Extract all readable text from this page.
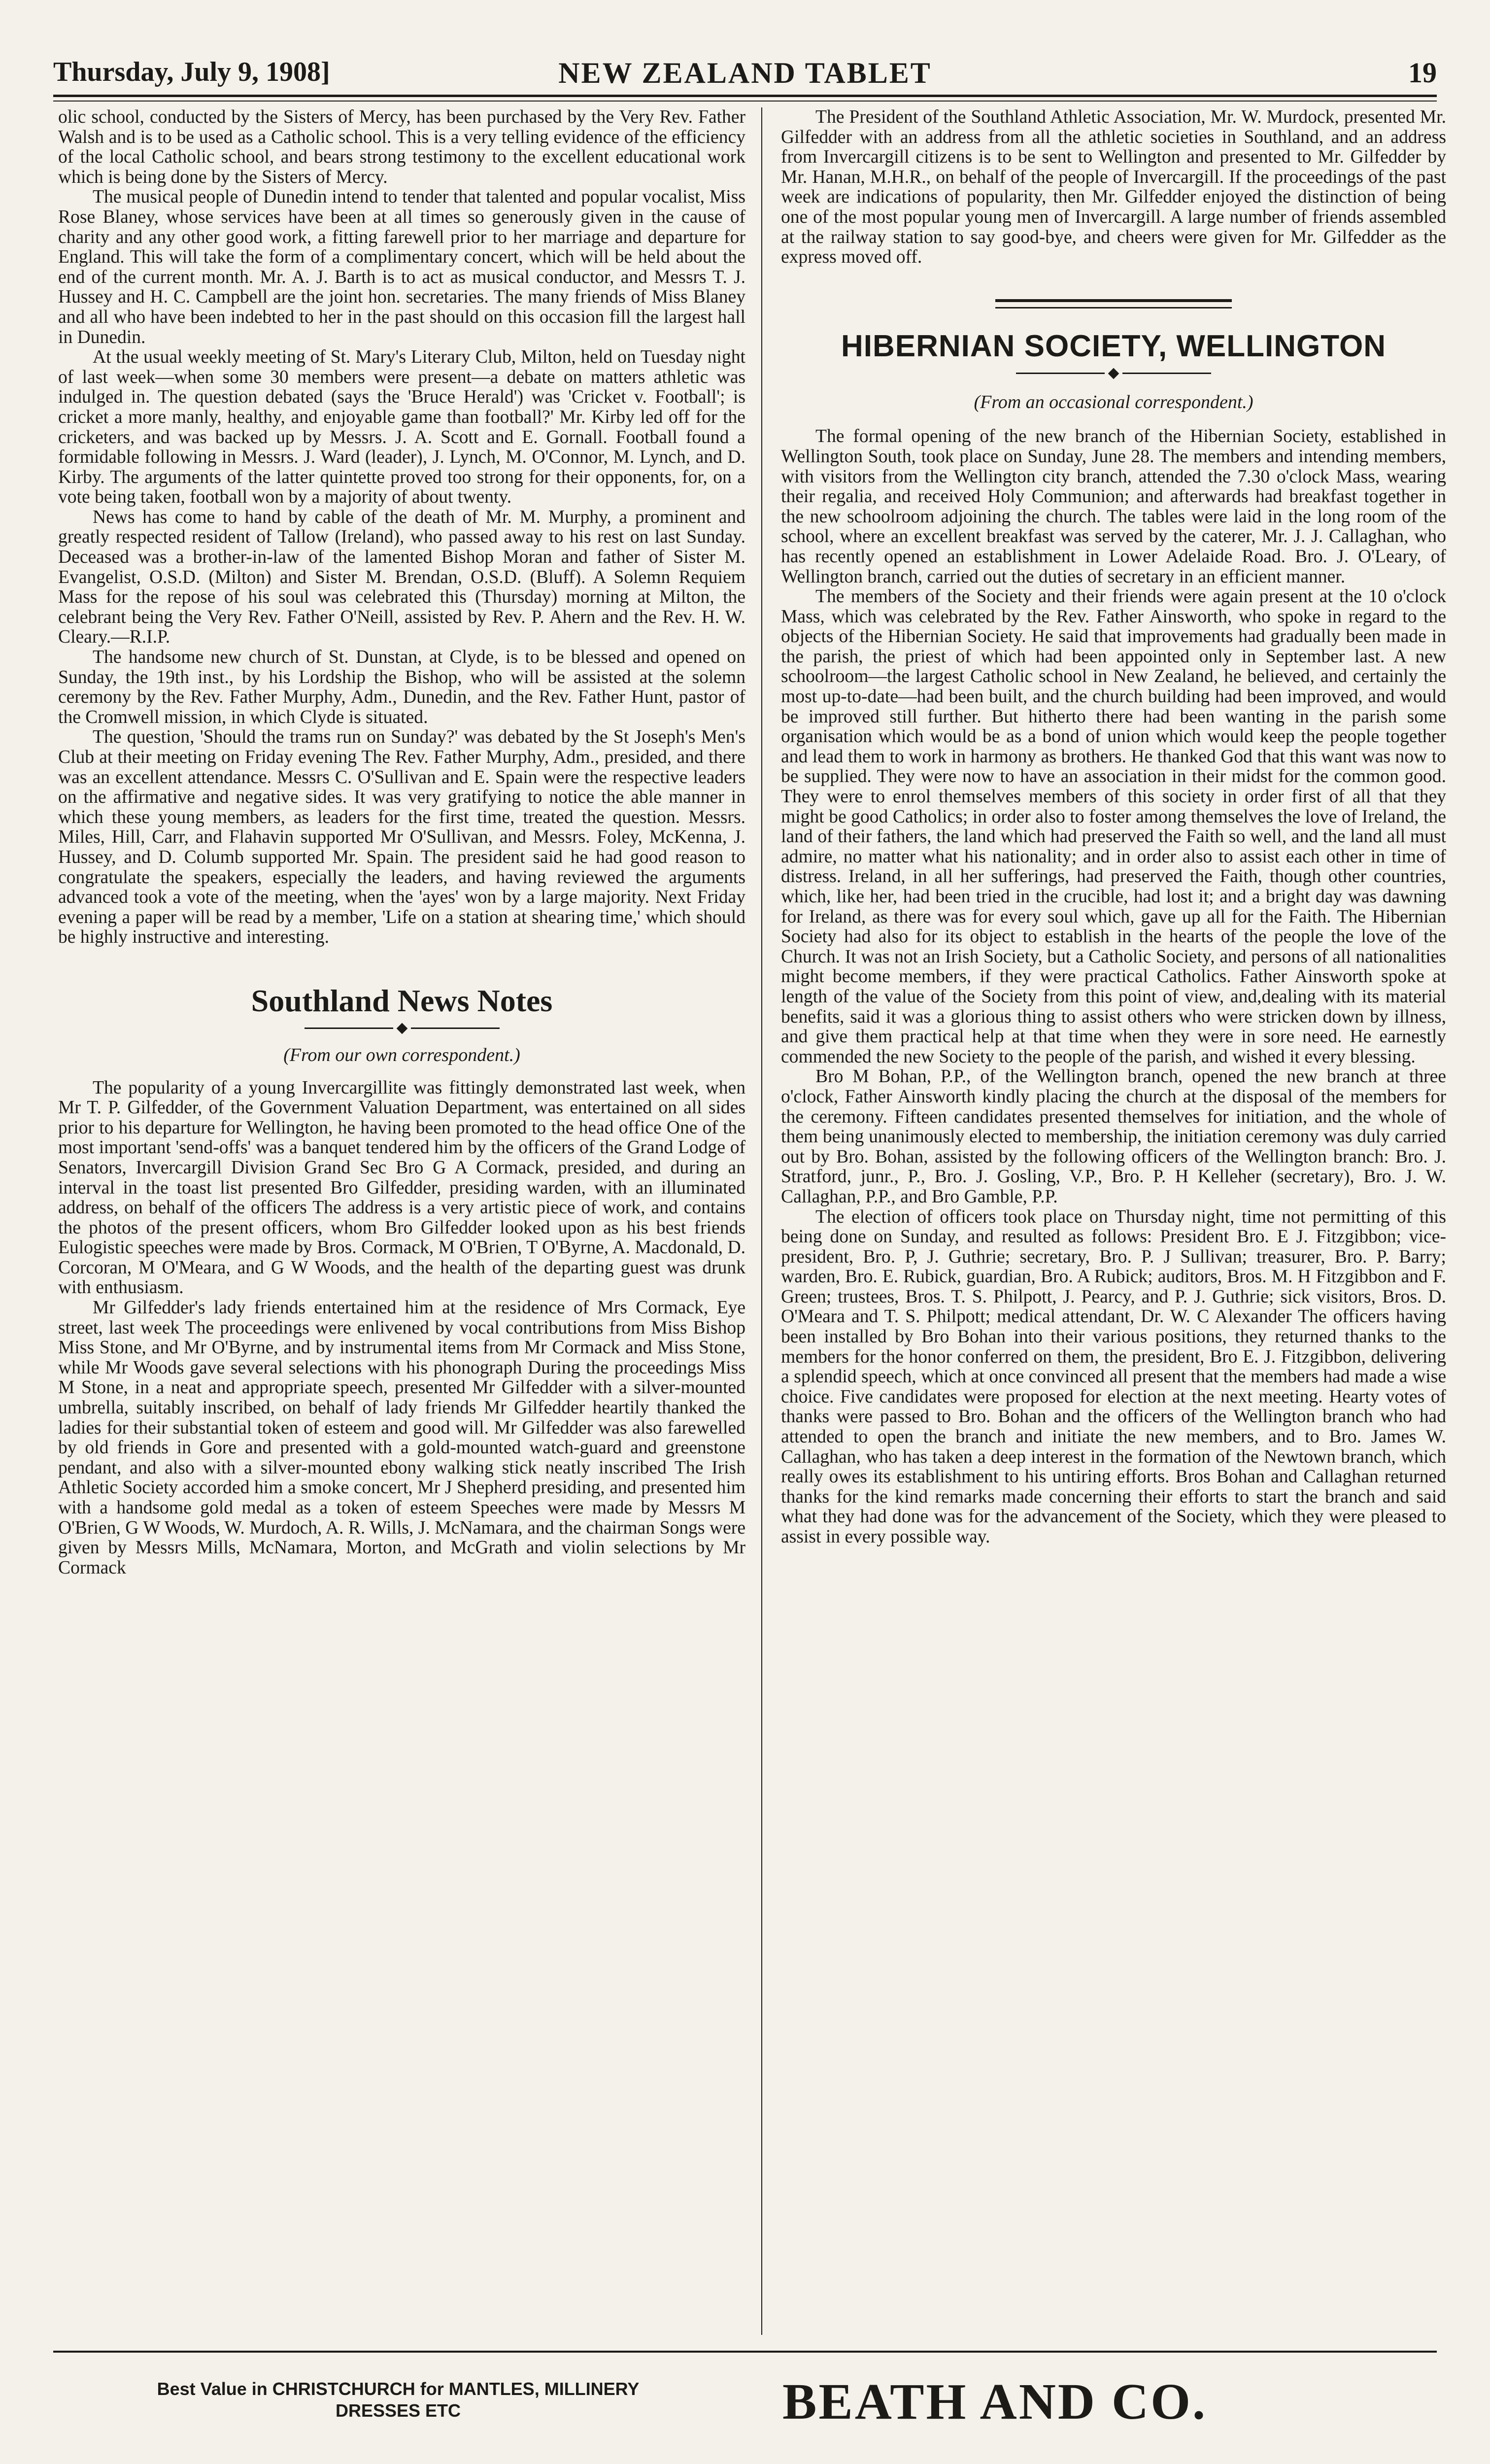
Thursday, July 9, 1908]	NEW ZEALAND TABLET	19

olic school, conducted by the Sisters of Mercy, has been purchased by the Very Rev. Father Walsh and is to be used as a Catholic school. This is a very telling evidence of the efficiency of the local Catholic school, and bears strong testimony to the excellent educational work which is being done by the Sisters of Mercy.

The musical people of Dunedin intend to tender that talented and popular vocalist, Miss Rose Blaney, whose services have been at all times so generously given in the cause of charity and any other good work, a fitting farewell prior to her marriage and departure for England. This will take the form of a complimentary concert, which will be held about the end of the current month. Mr. A. J. Barth is to act as musical conductor, and Messrs T. J. Hussey and H. C. Campbell are the joint hon. secretaries. The many friends of Miss Blaney and all who have been indebted to her in the past should on this occasion fill the largest hall in Dunedin.

At the usual weekly meeting of St. Mary's Literary Club, Milton, held on Tuesday night of last week—when some 30 members were present—a debate on matters athletic was indulged in. The question debated (says the 'Bruce Herald') was 'Cricket v. Football'; is cricket a more manly, healthy, and enjoyable game than football?' Mr. Kirby led off for the cricketers, and was backed up by Messrs. J. A. Scott and E. Gornall. Football found a formidable following in Messrs. J. Ward (leader), J. Lynch, M. O'Connor, M. Lynch, and D. Kirby. The arguments of the latter quintette proved too strong for their opponents, for, on a vote being taken, football won by a majority of about twenty.

News has come to hand by cable of the death of Mr. M. Murphy, a prominent and greatly respected resident of Tallow (Ireland), who passed away to his rest on last Sunday. Deceased was a brother-in-law of the lamented Bishop Moran and father of Sister M. Evangelist, O.S.D. (Milton) and Sister M. Brendan, O.S.D. (Bluff). A Solemn Requiem Mass for the repose of his soul was celebrated this (Thursday) morning at Milton, the celebrant being the Very Rev. Father O'Neill, assisted by Rev. P. Ahern and the Rev. H. W. Cleary.—R.I.P.

The handsome new church of St. Dunstan, at Clyde, is to be blessed and opened on Sunday, the 19th inst., by his Lordship the Bishop, who will be assisted at the solemn ceremony by the Rev. Father Murphy, Adm., Dunedin, and the Rev. Father Hunt, pastor of the Cromwell mission, in which Clyde is situated.

The question, 'Should the trams run on Sunday?' was debated by the St Joseph's Men's Club at their meeting on Friday evening The Rev. Father Murphy, Adm., presided, and there was an excellent attendance. Messrs C. O'Sullivan and E. Spain were the respective leaders on the affirmative and negative sides. It was very gratifying to notice the able manner in which these young members, as leaders for the first time, treated the question. Messrs. Miles, Hill, Carr, and Flahavin supported Mr O'Sullivan, and Messrs. Foley, McKenna, J. Hussey, and D. Columb supported Mr. Spain. The president said he had good reason to congratulate the speakers, especially the leaders, and having reviewed the arguments advanced took a vote of the meeting, when the 'ayes' won by a large majority. Next Friday evening a paper will be read by a member, 'Life on a station at shearing time,' which should be highly instructive and interesting.

Southland News Notes

(From our own correspondent.)

The popularity of a young Invercargillite was fittingly demonstrated last week, when Mr T. P. Gilfedder, of the Government Valuation Department, was entertained on all sides prior to his departure for Wellington, he having been promoted to the head office One of the most important 'send-offs' was a banquet tendered him by the officers of the Grand Lodge of Senators, Invercargill Division Grand Sec Bro G A Cormack, presided, and during an interval in the toast list presented Bro Gilfedder, presiding warden, with an illuminated address, on behalf of the officers The address is a very artistic piece of work, and contains the photos of the present officers, whom Bro Gilfedder looked upon as his best friends Eulogistic speeches were made by Bros. Cormack, M O'Brien, T O'Byrne, A. Macdonald, D. Corcoran, M O'Meara, and G W Woods, and the health of the departing guest was drunk with enthusiasm.

Mr Gilfedder's lady friends entertained him at the residence of Mrs Cormack, Eye street, last week The proceedings were enlivened by vocal contributions from Miss Bishop Miss Stone, and Mr O'Byrne, and by instrumental items from Mr Cormack and Miss Stone, while Mr Woods gave several selections with his phonograph During the proceedings Miss M Stone, in a neat and appropriate speech, presented Mr Gilfedder with a silver-mounted umbrella, suitably inscribed, on behalf of lady friends Mr Gilfedder heartily thanked the ladies for their substantial token of esteem and good will. Mr Gilfedder was also farewelled by old friends in Gore and presented with a gold-mounted watch-guard and greenstone pendant, and also with a silver-mounted ebony walking stick neatly inscribed The Irish Athletic Society accorded him a smoke concert, Mr J Shepherd presiding, and presented him with a handsome gold medal as a token of esteem Speeches were made by Messrs M O'Brien, G W Woods, W. Murdoch, A. R. Wills, J. McNamara, and the chairman Songs were given by Messrs Mills, McNamara, Morton, and McGrath and violin selections by Mr Cormack

The President of the Southland Athletic Association, Mr. W. Murdock, presented Mr. Gilfedder with an address from all the athletic societies in Southland, and an address from Invercargill citizens is to be sent to Wellington and presented to Mr. Gilfedder by Mr. Hanan, M.H.R., on behalf of the people of Invercargill. If the proceedings of the past week are indications of popularity, then Mr. Gilfedder enjoyed the distinction of being one of the most popular young men of Invercargill. A large number of friends assembled at the railway station to say good-bye, and cheers were given for Mr. Gilfedder as the express moved off.

HIBERNIAN SOCIETY, WELLINGTON

(From an occasional correspondent.)

The formal opening of the new branch of the Hibernian Society, established in Wellington South, took place on Sunday, June 28. The members and intending members, with visitors from the Wellington city branch, attended the 7.30 o'clock Mass, wearing their regalia, and received Holy Communion; and afterwards had breakfast together in the new schoolroom adjoining the church. The tables were laid in the long room of the school, where an excellent breakfast was served by the caterer, Mr. J. J. Callaghan, who has recently opened an establishment in Lower Adelaide Road. Bro. J. O'Leary, of Wellington branch, carried out the duties of secretary in an efficient manner.

The members of the Society and their friends were again present at the 10 o'clock Mass, which was celebrated by the Rev. Father Ainsworth, who spoke in regard to the objects of the Hibernian Society. He said that improvements had gradually been made in the parish, the priest of which had been appointed only in September last. A new schoolroom—the largest Catholic school in New Zealand, he believed, and certainly the most up-to-date—had been built, and the church building had been improved, and would be improved still further. But hitherto there had been wanting in the parish some organisation which would be as a bond of union which would keep the people together and lead them to work in harmony as brothers. He thanked God that this want was now to be supplied. They were now to have an association in their midst for the common good. They were to enrol themselves members of this society in order first of all that they might be good Catholics; in order also to foster among themselves the love of Ireland, the land of their fathers, the land which had preserved the Faith so well, and the land all must admire, no matter what his nationality; and in order also to assist each other in time of distress. Ireland, in all her sufferings, had preserved the Faith, though other countries, which, like her, had been tried in the crucible, had lost it; and a bright day was dawning for Ireland, as there was for every soul which, gave up all for the Faith. The Hibernian Society had also for its object to establish in the hearts of the people the love of the Church. It was not an Irish Society, but a Catholic Society, and persons of all nationalities might become members, if they were practical Catholics. Father Ainsworth spoke at length of the value of the Society from this point of view, and,dealing with its material benefits, said it was a glorious thing to assist others who were stricken down by illness, and give them practical help at that time when they were in sore need. He earnestly commended the new Society to the people of the parish, and wished it every blessing.

Bro M Bohan, P.P., of the Wellington branch, opened the new branch at three o'clock, Father Ainsworth kindly placing the church at the disposal of the members for the ceremony. Fifteen candidates presented themselves for initiation, and the whole of them being unanimously elected to membership, the initiation ceremony was duly carried out by Bro. Bohan, assisted by the following officers of the Wellington branch: Bro. J. Stratford, junr., P., Bro. J. Gosling, V.P., Bro. P. H Kelleher (secretary), Bro. J. W. Callaghan, P.P., and Bro Gamble, P.P.

The election of officers took place on Thursday night, time not permitting of this being done on Sunday, and resulted as follows: President Bro. E J. Fitzgibbon; vice-president, Bro. P, J. Guthrie; secretary, Bro. P. J Sullivan; treasurer, Bro. P. Barry; warden, Bro. E. Rubick, guardian, Bro. A Rubick; auditors, Bros. M. H Fitzgibbon and F. Green; trustees, Bros. T. S. Philpott, J. Pearcy, and P. J. Guthrie; sick visitors, Bros. D. O'Meara and T. S. Philpott; medical attendant, Dr. W. C Alexander The officers having been installed by Bro Bohan into their various positions, they returned thanks to the members for the honor conferred on them, the president, Bro E. J. Fitzgibbon, delivering a splendid speech, which at once convinced all present that the members had made a wise choice. Five candidates were proposed for election at the next meeting. Hearty votes of thanks were passed to Bro. Bohan and the officers of the Wellington branch who had attended to open the branch and initiate the new members, and to Bro. James W. Callaghan, who has taken a deep interest in the formation of the Newtown branch, which really owes its establishment to his untiring efforts. Bros Bohan and Callaghan returned thanks for the kind remarks made concerning their efforts to start the branch and said what they had done was for the advancement of the Society, which they were pleased to assist in every possible way.

Best Value in CHRISTCHURCH for MANTLES, MILLINERY DRESSES ETC	BEATH AND CO.
